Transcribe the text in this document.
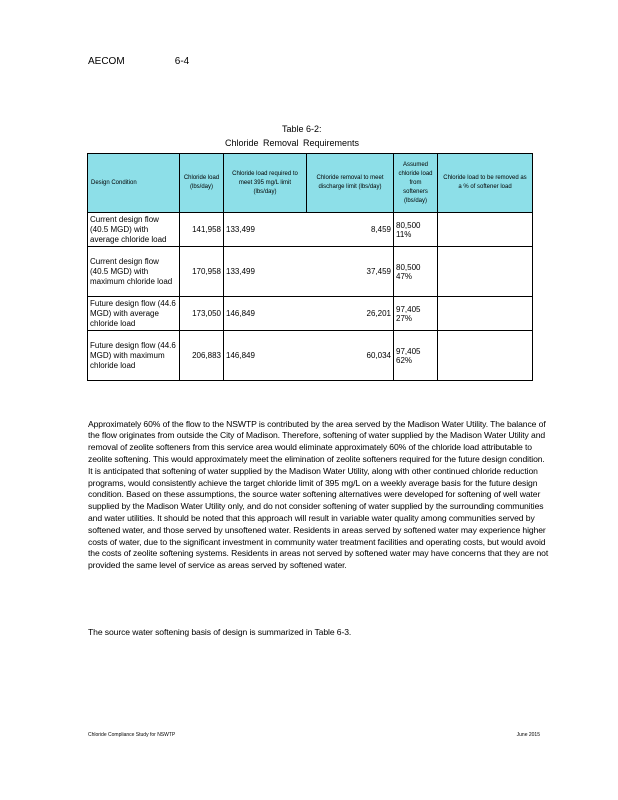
AECOM	6-4
Table 6-2:
Chloride Removal Requirements
Design Condition	Chloride load (lbs/day)	Chloride load required to meet 395 mg/L limit (lbs/day)	Chloride removal to meet discharge limit (lbs/day)	Assumed chloride load from softeners (lbs/day)	Chloride load to be removed as a % of softener load
Current design flow (40.5 MGD) with average chloride load	141,958	133,499	8,459	80,500 11%	
Current design flow (40.5 MGD) with maximum chloride load	170,958	133,499	37,459	80,500 47%	
Future design flow (44.6 MGD) with average chloride load	173,050	146,849	26,201	97,405 27%	
Future design flow (44.6 MGD) with maximum chloride load	206,883	146,849	60,034	97,405 62%	

Approximately 60% of the flow to the NSWTP is contributed by the area served by the Madison Water Utility. The balance of the flow originates from outside the City of Madison. Therefore, softening of water supplied by the Madison Water Utility and removal of zeolite softeners from this service area would eliminate approximately 60% of the chloride load attributable to zeolite softening. This would approximately meet the elimination of zeolite softeners required for the future design condition. It is anticipated that softening of water supplied by the Madison Water Utility, along with other continued chloride reduction programs, would consistently achieve the target chloride limit of 395 mg/L on a weekly average basis for the future design condition. Based on these assumptions, the source water softening alternatives were developed for softening of well water supplied by the Madison Water Utility only, and do not consider softening of water supplied by the surrounding communities and water utilities. It should be noted that this approach will result in variable water quality among communities served by softened water, and those served by unsoftened water. Residents in areas served by softened water may experience higher costs of water, due to the significant investment in community water treatment facilities and operating costs, but would avoid the costs of zeolite softening systems. Residents in areas not served by softened water may have concerns that they are not provided the same level of service as areas served by softened water.

The source water softening basis of design is summarized in Table 6-3.

Chloride Compliance Study for NSWTP	June 2015
